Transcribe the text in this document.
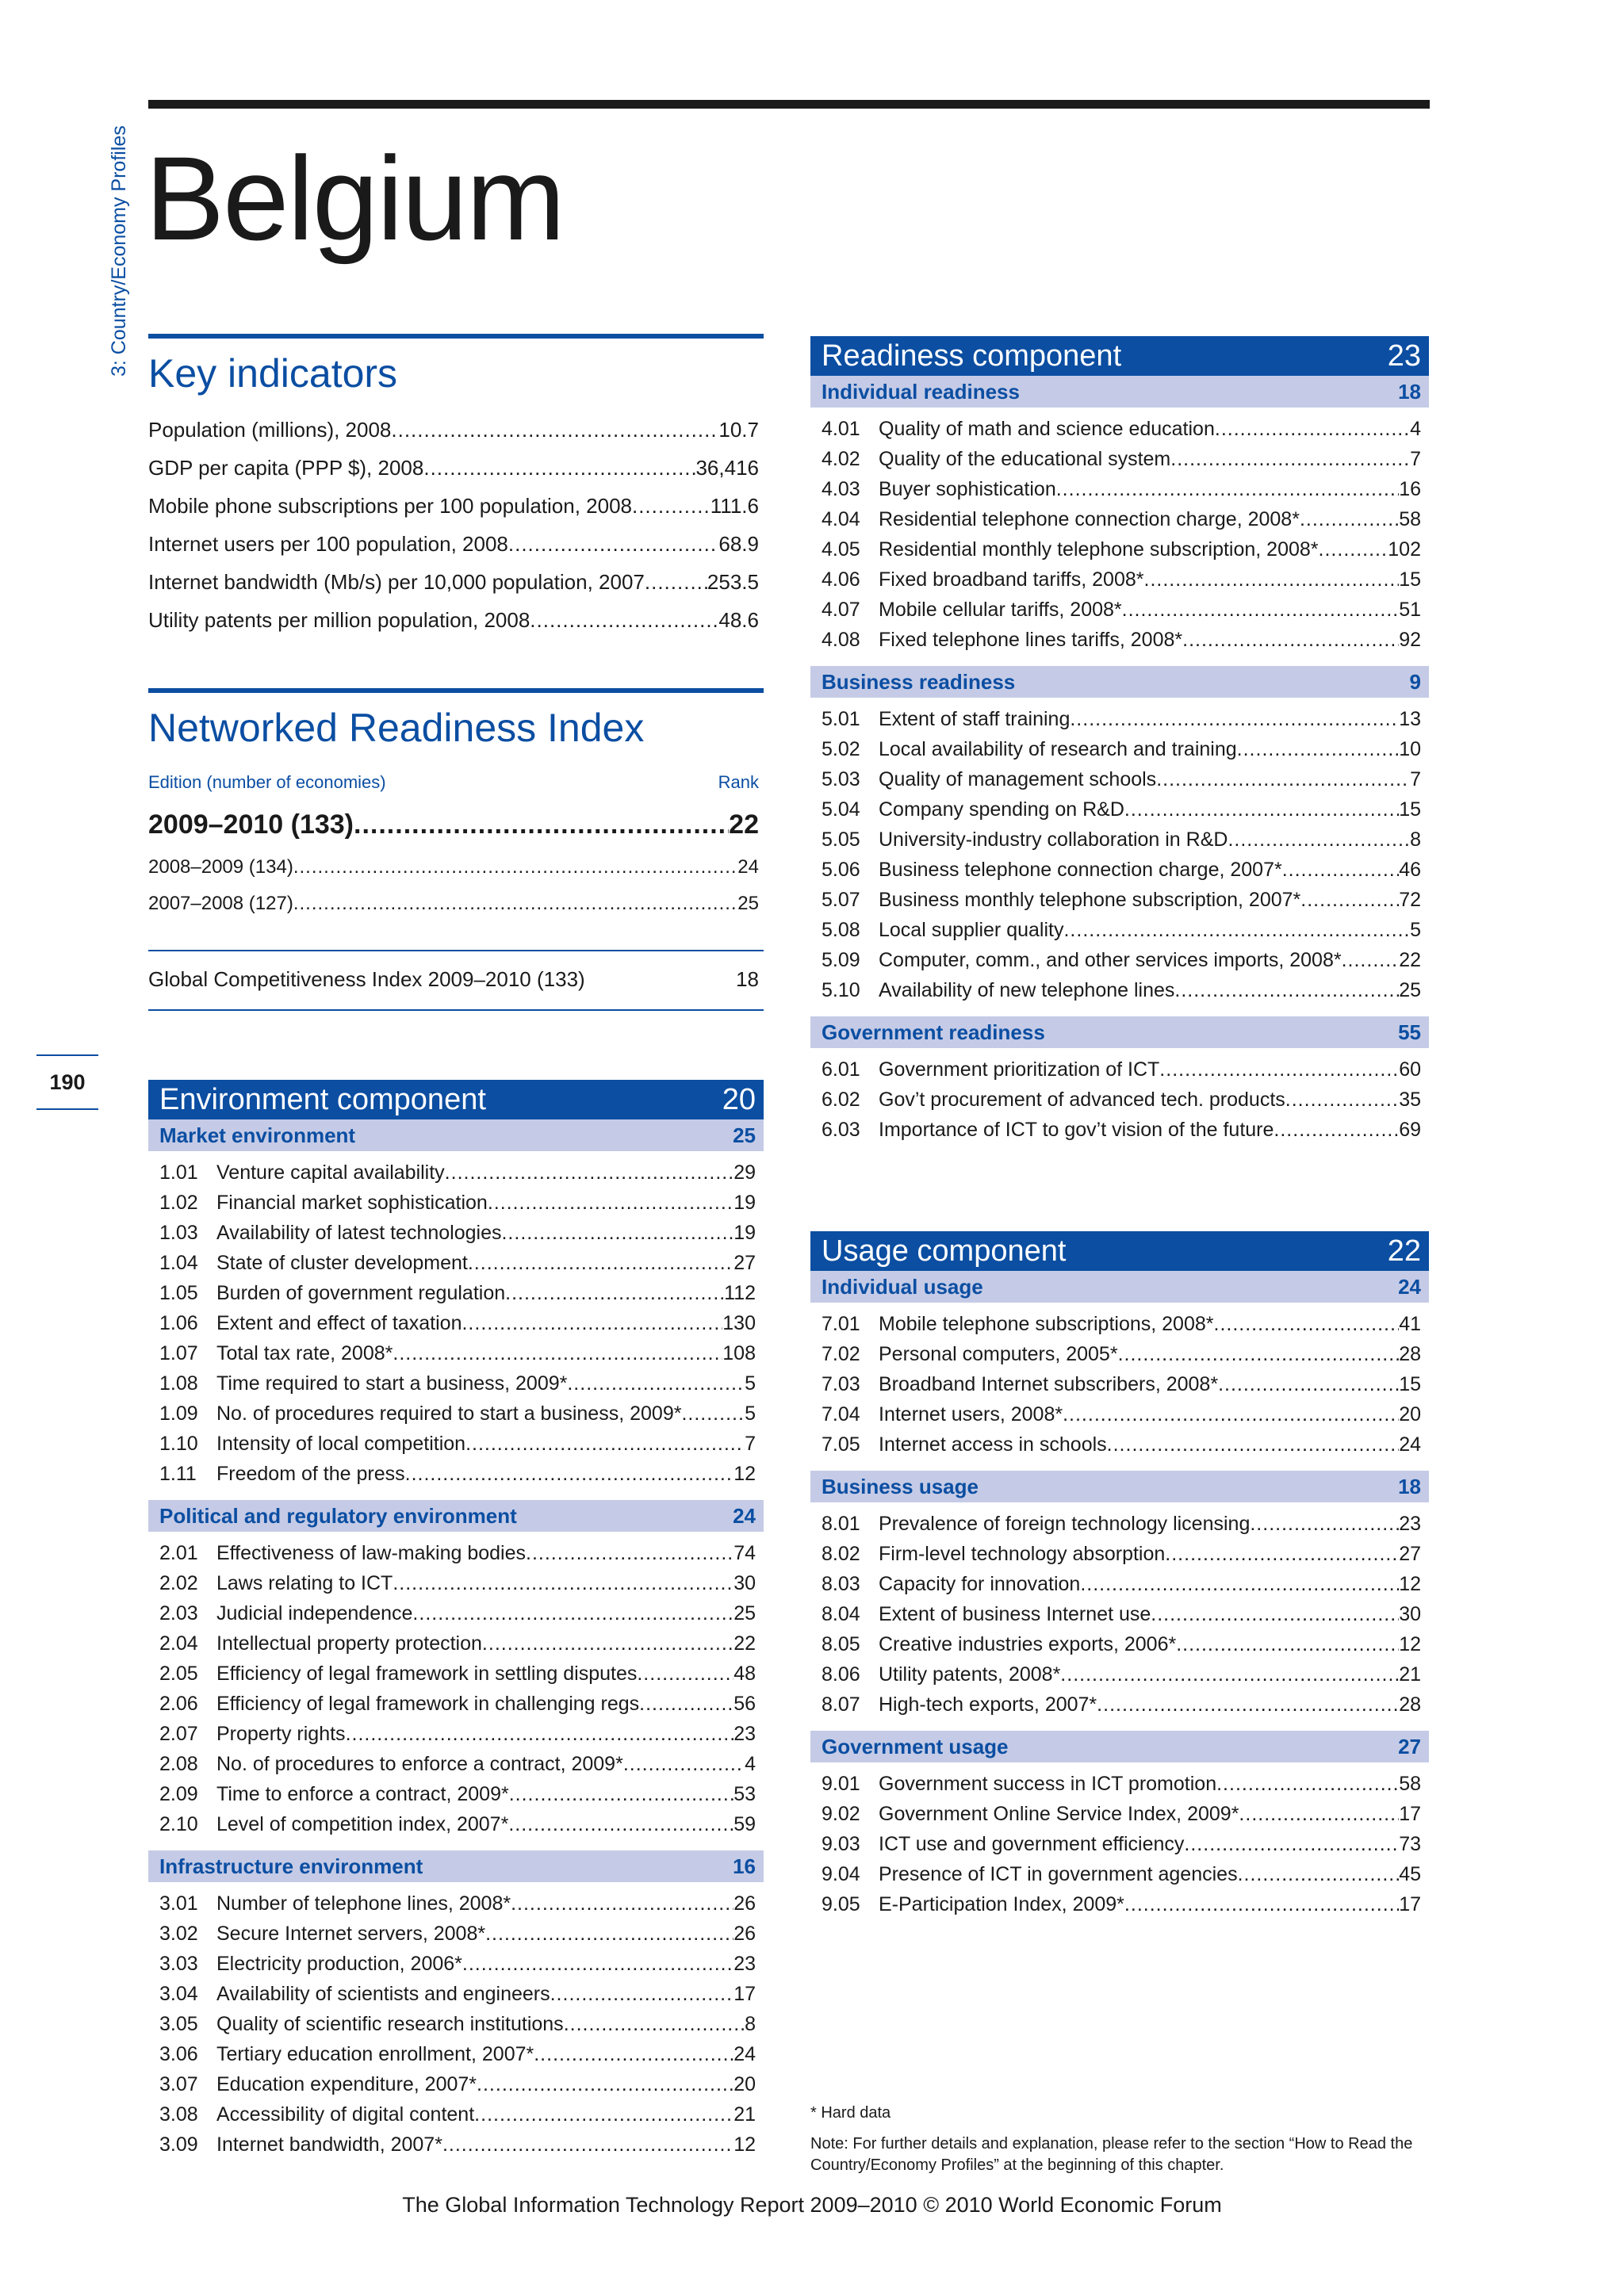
3: Country/Economy Profiles Belgium
190
Key indicators
Population (millions), 2008 .....	10.7
GDP per capita (PPP $), 2008 .....	36,416
Mobile phone subscriptions per 100 population, 2008 .....	111.6
Internet users per 100 population, 2008 .....	68.9
Internet bandwidth (Mb/s) per 10,000 population, 2007 .....	253.5
Utility patents per million population, 2008 .....	48.6
Networked Readiness Index
Edition (number of economies)	Rank
2009–2010 (133) .....	22
2008–2009 (134) .....	24
2007–2008 (127) .....	25
Global Competitiveness Index 2009–2010 (133)	18
Environment component	20
Market environment	25
1.01 Venture capital availability .....	29
1.02 Financial market sophistication .....	19
1.03 Availability of latest technologies .....	19
1.04 State of cluster development .....	27
1.05 Burden of government regulation .....	112
1.06 Extent and effect of taxation .....	130
1.07 Total tax rate, 2008* .....	108
1.08 Time required to start a business, 2009* .....	5
1.09 No. of procedures required to start a business, 2009* .....	5
1.10 Intensity of local competition .....	7
1.11	Freedom of the press .....	12
Political and regulatory environment	24
2.01 Effectiveness of law-making bodies .....	74
2.02 Laws relating to ICT .....	30
2.03 Judicial independence .....	25
2.04 Intellectual property protection .....	22
2.05 Efficiency of legal framework in settling disputes .....	48
2.06 Efficiency of legal framework in challenging regs .....	56
2.07 Property rights .....	23
2.08 No. of procedures to enforce a contract, 2009* .....	4
2.09 Time to enforce a contract, 2009* .....	53
2.10 Level of competition index, 2007* .....	59
Infrastructure environment	16
3.01 Number of telephone lines, 2008* .....	26
3.02 Secure Internet servers, 2008* .....	26
3.03 Electricity production, 2006* .....	23
3.04 Availability of scientists and engineers .....	17
3.05 Quality of scientific research institutions .....	8
3.06 Tertiary education enrollment, 2007* .....	24
3.07 Education expenditure, 2007* .....	20
3.08 Accessibility of digital content .....	21
3.09 Internet bandwidth, 2007* .....	12
Readiness component	23
Individual readiness	18
4.01 Quality of math and science education .....	4
4.02 Quality of the educational system .....	7
4.03 Buyer sophistication .....	16
4.04 Residential telephone connection charge, 2008* .....	58
4.05 Residential monthly telephone subscription, 2008* .....	102
4.06 Fixed broadband tariffs, 2008* .....	15
4.07 Mobile cellular tariffs, 2008* .....	51
4.08 Fixed telephone lines tariffs, 2008* .....	92
Business readiness	9
5.01 Extent of staff training .....	13
5.02 Local availability of research and training .....	10
5.03 Quality of management schools .....	7
5.04 Company spending on R&D .....	15
5.05 University-industry collaboration in R&D .....	8
5.06 Business telephone connection charge, 2007* .....	46
5.07 Business monthly telephone subscription, 2007* .....	72
5.08 Local supplier quality .....	5
5.09 Computer, comm., and other services imports, 2008* .....	22
5.10 Availability of new telephone lines .....	25
Government readiness	55
6.01 Government prioritization of ICT .....	60
6.02 Gov’t procurement of advanced tech. products .....	35
6.03 Importance of ICT to gov’t vision of the future .....	69
Usage component	22
Individual usage	24
7.01 Mobile telephone subscriptions, 2008* .....	41
7.02 Personal computers, 2005* .....	28
7.03 Broadband Internet subscribers, 2008* .....	15
7.04 Internet users, 2008* .....	20
7.05 Internet access in schools .....	24
Business usage	18
8.01 Prevalence of foreign technology licensing .....	23
8.02 Firm-level technology absorption .....	27
8.03 Capacity for innovation .....	12
8.04 Extent of business Internet use .....	30
8.05 Creative industries exports, 2006* .....	12
8.06 Utility patents, 2008* .....	21
8.07 High-tech exports, 2007* .....	28
Government usage	27
9.01 Government success in ICT promotion .....	58
9.02 Government Online Service Index, 2009* .....	17
9.03 ICT use and government efficiency .....	73
9.04 Presence of ICT in government agencies .....	45
9.05 E-Participation Index, 2009* .....	17
* Hard data
Note: For further details and explanation, please refer to the section “How to Read the Country/Economy Profiles” at the beginning of this chapter.
The Global Information Technology Report 2009–2010 © 2010 World Economic Forum
